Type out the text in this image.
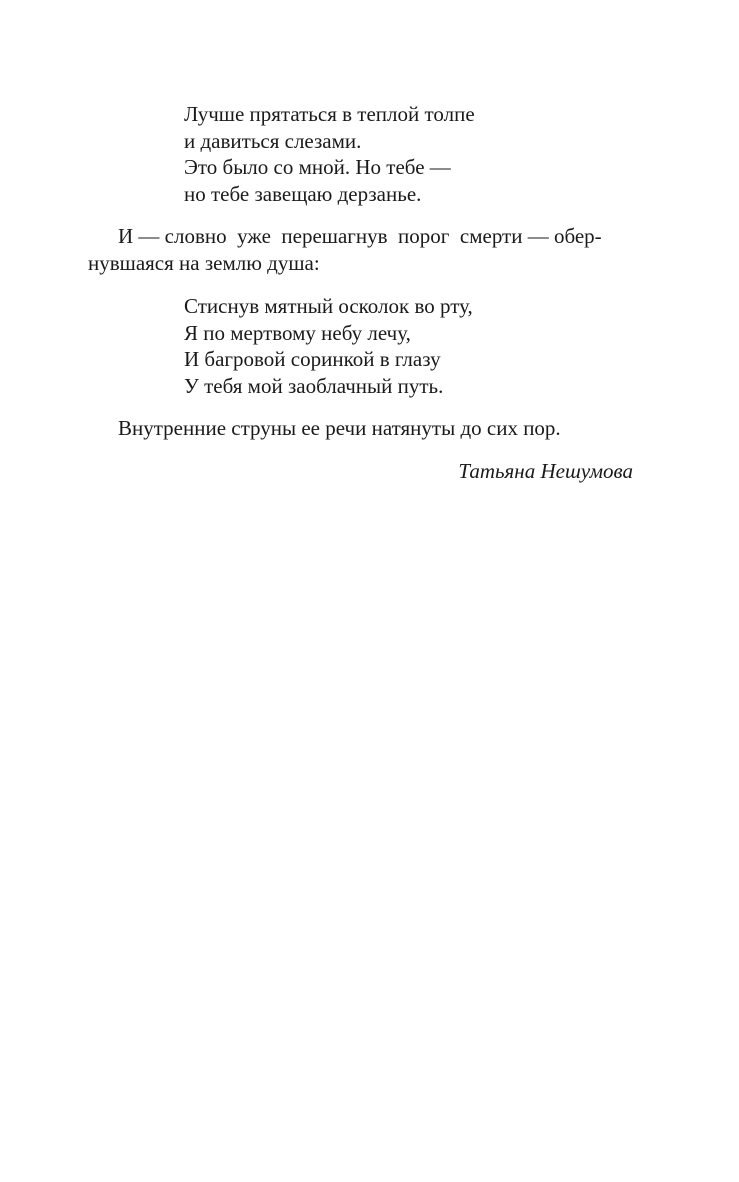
Лучше прятаться в теплой толпе
и давиться слезами.
Это было со мной. Но тебе —
но тебе завещаю дерзанье.
И — словно  уже  перешагнув  порог  смерти — обер-
нувшаяся на землю душа:
Стиснув мятный осколок во рту,
Я по мертвому небу лечу,
И багровой соринкой в глазу
У тебя мой заоблачный путь.

Внутренние струны ее речи натянуты до сих пор.

Татьяна Нешумова
